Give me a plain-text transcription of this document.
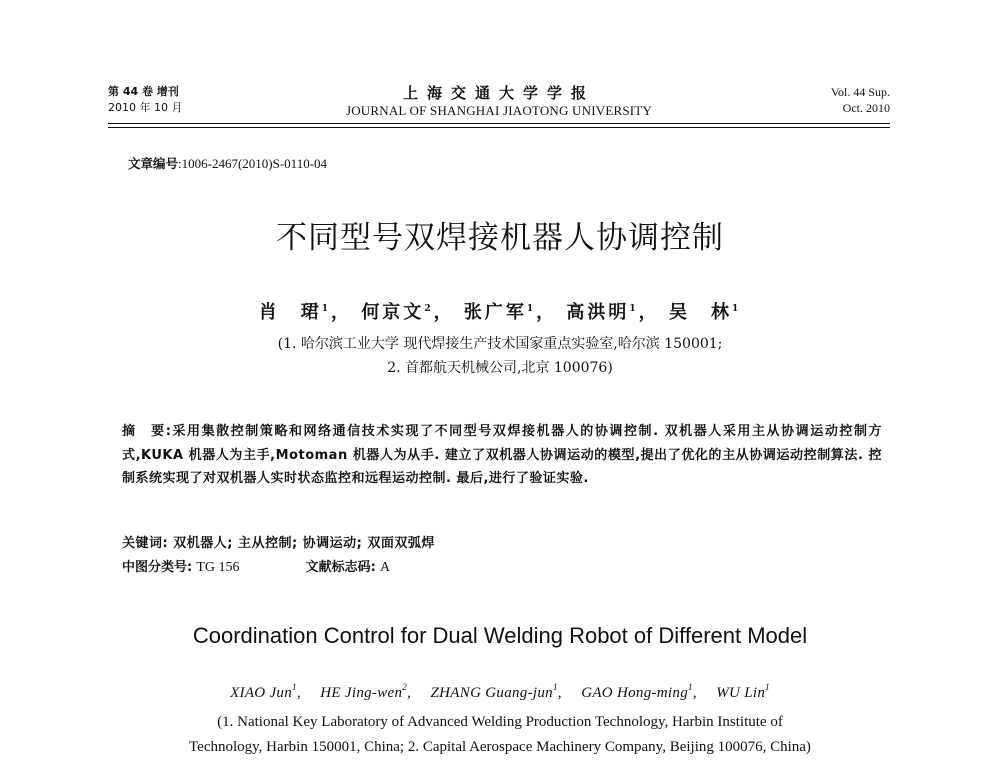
第 44 卷 增刊
2010 年 10 月
上海交通大学学报
JOURNAL OF SHANGHAI JIAOTONG UNIVERSITY
Vol. 44 Sup.
Oct. 2010
文章编号:1006-2467(2010)S-0110-04
不同型号双焊接机器人协调控制
肖　珺$^1$， 何京文$^2$， 张广军$^1$， 高洪明$^1$， 吴　林$^1$
(1. 哈尔滨工业大学 现代焊接生产技术国家重点实验室,哈尔滨 150001;
2. 首都航天机械公司,北京 100076)
摘　要:采用集散控制策略和网络通信技术实现了不同型号双焊接机器人的协调控制. 双机器人采用主从协调运动控制方式,KUKA 机器人为主手,Motoman 机器人为从手. 建立了双机器人协调运动的模型,提出了优化的主从协调运动控制算法. 控制系统实现了对双机器人实时状态监控和远程运动控制. 最后,进行了验证实验.
关键词: 双机器人; 主从控制; 协调运动; 双面双弧焊
中图分类号: TG 156	文献标志码: A
Coordination Control for Dual Welding Robot of Different Model
XIAO Jun$^1$,　 HE Jing-wen$^2$,　 ZHANG Guang-jun$^1$,　 GAO Hong-ming$^1$,　 WU Lin$^1$
(1. National Key Laboratory of Advanced Welding Production Technology, Harbin Institute of
Technology, Harbin 150001, China; 2. Capital Aerospace Machinery Company, Beijing 100076, China)
